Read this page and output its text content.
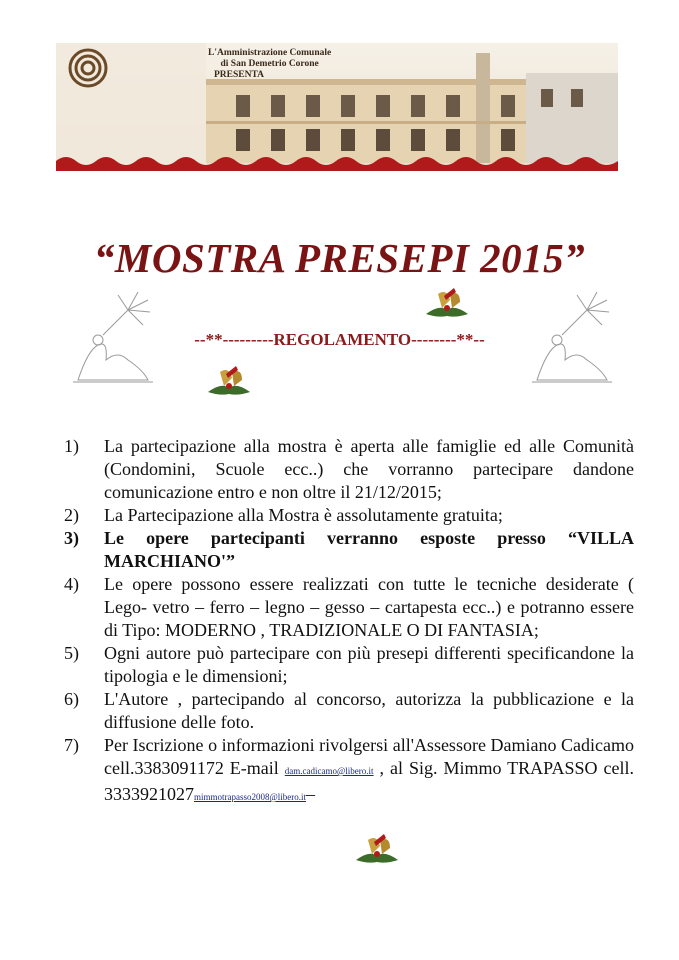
L'Amministrazione Comunale
di San Demetrio Corone
PRESENTA
“MOSTRA PRESEPI 2015”
--**---------REGOLAMENTO--------**--
1)	La partecipazione alla mostra è aperta alle famiglie ed alle Comunità (Condomini, Scuole ecc..) che vorranno partecipare dandone comunicazione entro e non oltre il 21/12/2015;
2)	La Partecipazione alla Mostra è assolutamente gratuita;
3)	Le opere partecipanti verranno esposte presso “VILLA MARCHIANO'”
4)	Le opere possono essere realizzati con tutte le tecniche desiderate ( Lego- vetro – ferro – legno – gesso – cartapesta ecc..) e potranno essere di Tipo: MODERNO , TRADIZIONALE O DI FANTASIA;
5)	Ogni autore può partecipare con più presepi differenti specificandone la tipologia e le dimensioni;
6)	L'Autore , partecipando al concorso, autorizza la pubblicazione e la diffusione delle foto.
7)	Per Iscrizione o informazioni rivolgersi all'Assessore Damiano Cadicamo cell.3383091172 E-mail dam.cadicamo@libero.it , al Sig. Mimmo TRAPASSO cell. 3333921027mimmotrapasso2008@libero.it–
